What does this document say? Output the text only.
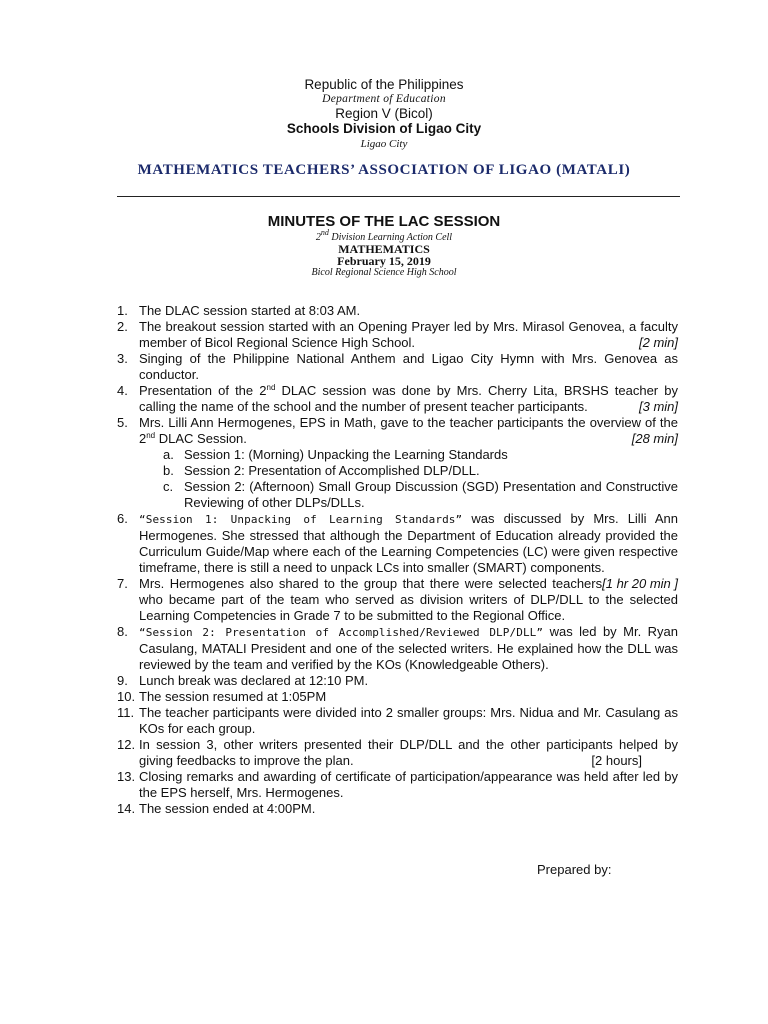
Republic of the Philippines
Department of Education
Region V (Bicol)
Schools Division of Ligao City
Ligao City
MATHEMATICS TEACHERS’ ASSOCIATION OF LIGAO (MATALI)
MINUTES OF THE LAC SESSION
2nd Division Learning Action Cell
MATHEMATICS
February 15, 2019
Bicol Regional Science High School
1. The DLAC session started at 8:03 AM.
2. The breakout session started with an Opening Prayer led by Mrs. Mirasol Genovea, a faculty member of Bicol Regional Science High School.	[2 min]
3. Singing of the Philippine National Anthem and Ligao City Hymn with Mrs. Genovea as conductor.
4. Presentation of the 2nd DLAC session was done by Mrs. Cherry Lita, BRSHS teacher by calling the name of the school and the number of present teacher participants.	[3 min]
5. Mrs. Lilli Ann Hermogenes, EPS in Math, gave to the teacher participants the overview of the 2nd DLAC Session.	[28 min]
a. Session 1: (Morning) Unpacking the Learning Standards
b. Session 2: Presentation of Accomplished DLP/DLL.
c. Session 2: (Afternoon) Small Group Discussion (SGD) Presentation and Constructive Reviewing of other DLPs/DLLs.
6.	“Session 1: Unpacking of Learning Standards” was discussed by Mrs. Lilli Ann Hermogenes. She stressed that although the Department of Education already provided the Curriculum Guide/Map where each of the Learning Competencies (LC) were given respective timeframe, there is still a need to unpack LCs into smaller (SMART) components.
[1 hr 20 min ]
7. Mrs. Hermogenes also shared to the group that there were selected teachers who became part of the team who served as division writers of DLP/DLL to the selected Learning Competencies in Grade 7 to be submitted to the Regional Office.
8.	“Session 2: Presentation of Accomplished/Reviewed DLP/DLL” was led by Mr. Ryan Casulang, MATALI President and one of the selected writers. He explained how the DLL was reviewed by the team and verified by the KOs (Knowledgeable Others).
9. Lunch break was declared at 12:10 PM.
10. The session resumed at 1:05PM
11. The teacher participants were divided into 2 smaller groups: Mrs. Nidua and Mr. Casulang as KOs for each group.
12. In session 3, other writers presented their DLP/DLL and the other participants helped by giving feedbacks to improve the plan.	[2 hours]
13. Closing remarks and awarding of certificate of participation/appearance was held after led by the EPS herself, Mrs. Hermogenes.
14. The session ended at 4:00PM.
Prepared by:
